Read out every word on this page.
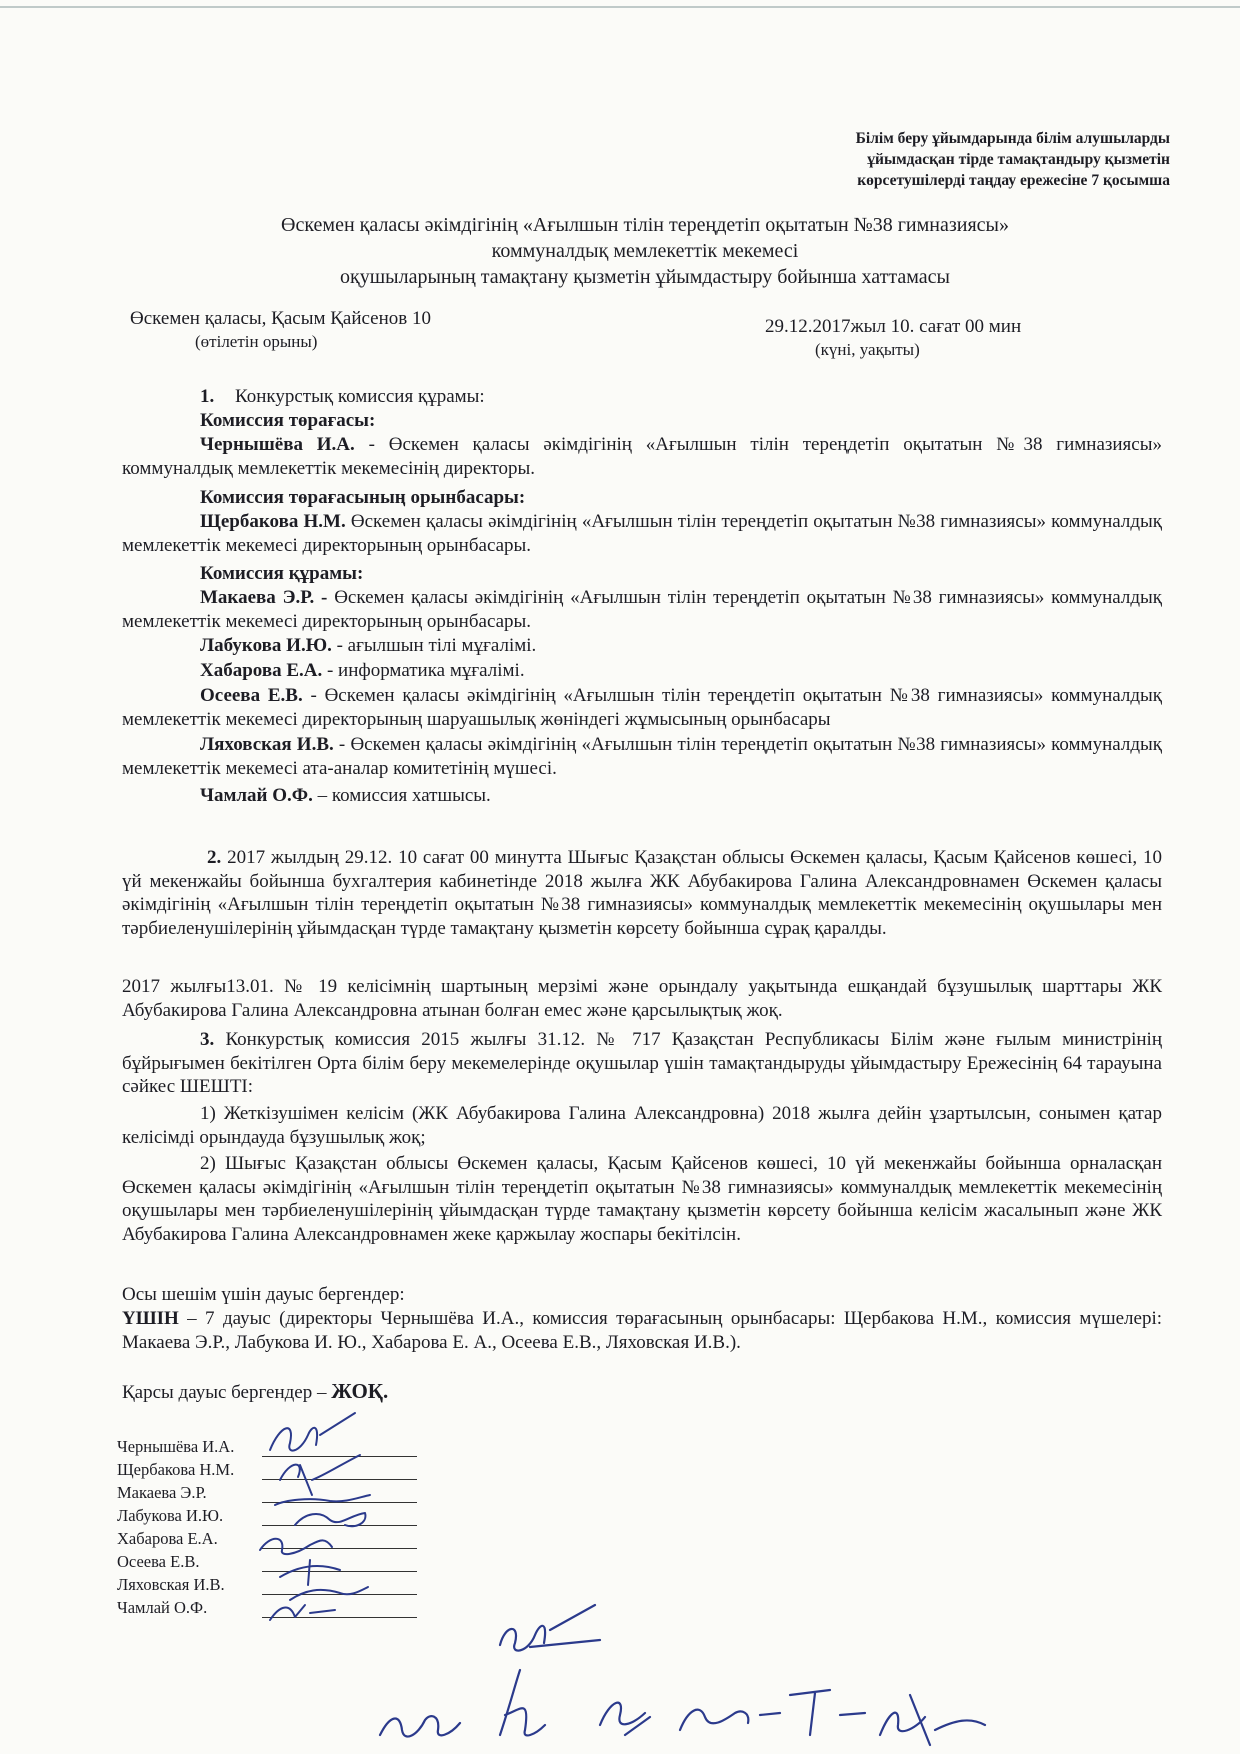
Білім беру ұйымдарында білім алушыларды
ұйымдасқан тірде тамақтандыру қызметін
көрсетушілерді таңдау ережесіне 7 қосымша
Өскемен қаласы әкімдігінің «Ағылшын тілін тереңдетіп оқытатын №38 гимназиясы»
коммуналдық мемлекеттік мекемесі
оқушыларының тамақтану қызметін ұйымдастыру бойынша хаттамасы
Өскемен қаласы, Қасым Қайсенов 10
(өтілетін орыны)
29.12.2017жыл 10. сағат 00 мин
(күні, уақыты)
1. Конкурстық комиссия құрамы:
Комиссия төрағасы:
Чернышёва И.А. - Өскемен қаласы әкімдігінің «Ағылшын тілін тереңдетіп оқытатын №38 гимназиясы» коммуналдық мемлекеттік мекемесінің директоры.
Комиссия төрағасының орынбасары:
Щербакова Н.М. Өскемен қаласы әкімдігінің «Ағылшын тілін тереңдетіп оқытатын №38 гимназиясы» коммуналдық мемлекеттік мекемесі директорының орынбасары.
Комиссия құрамы:
Макаева Э.Р. - Өскемен қаласы әкімдігінің «Ағылшын тілін тереңдетіп оқытатын №38 гимназиясы» коммуналдық мемлекеттік мекемесі директорының орынбасары.
Лабукова И.Ю. - ағылшын тілі мұғалімі.
Хабарова Е.А. - информатика мұғалімі.
Осеева Е.В. - Өскемен қаласы әкімдігінің «Ағылшын тілін тереңдетіп оқытатын №38 гимназиясы» коммуналдық мемлекеттік мекемесі директорының шаруашылық жөніндегі жұмысының орынбасары
Ляховская И.В. - Өскемен қаласы әкімдігінің «Ағылшын тілін тереңдетіп оқытатын №38 гимназиясы» коммуналдық мемлекеттік мекемесі ата-аналар комитетінің мүшесі.
Чамлай О.Ф. – комиссия хатшысы.
2. 2017 жылдың 29.12. 10 сағат 00 минутта Шығыс Қазақстан облысы Өскемен қаласы, Қасым Қайсенов көшесі, 10 үй мекенжайы бойынша бухгалтерия кабинетінде 2018 жылға ЖК Абубакирова Галина Александровнамен Өскемен қаласы әкімдігінің «Ағылшын тілін тереңдетіп оқытатын №38 гимназиясы» коммуналдық мемлекеттік мекемесінің оқушылары мен тәрбиеленушілерінің ұйымдасқан түрде тамақтану қызметін көрсету бойынша сұрақ қаралды.
2017 жылғы13.01. № 19 келісімнің шартының мерзімі және орындалу уақытында ешқандай бұзушылық шарттары ЖК Абубакирова Галина Александровна атынан болған емес және қарсылықтық жоқ.
3. Конкурстық комиссия 2015 жылғы 31.12. № 717 Қазақстан Республикасы Білім және ғылым министрінің бұйрығымен бекітілген Орта білім беру мекемелерінде оқушылар үшін тамақтандыруды ұйымдастыру Ережесінің 64 тарауына сәйкес ШЕШТІ:
1) Жеткізушімен келісім (ЖК Абубакирова Галина Александровна) 2018 жылға дейін ұзартылсын, сонымен қатар келісімді орындауда бұзушылық жоқ;
2) Шығыс Қазақстан облысы Өскемен қаласы, Қасым Қайсенов көшесі, 10 үй мекенжайы бойынша орналасқан Өскемен қаласы әкімдігінің «Ағылшын тілін тереңдетіп оқытатын №38 гимназиясы» коммуналдық мемлекеттік мекемесінің оқушылары мен тәрбиеленушілерінің ұйымдасқан түрде тамақтану қызметін көрсету бойынша келісім жасалынып және ЖК Абубакирова Галина Александровнамен жеке қаржылау жоспары бекітілсін.
Осы шешім үшін дауыс бергендер:
ҮШІН – 7 дауыс (директоры Чернышёва И.А., комиссия төрағасының орынбасары: Щербакова Н.М., комиссия мүшелері: Макаева Э.Р., Лабукова И. Ю., Хабарова Е. А., Осеева Е.В., Ляховская И.В.).
Қарсы дауыс бергендер – ЖОҚ.
Чернышёва И.А.
Щербакова Н.М.
Макаева Э.Р.
Лабукова И.Ю.
Хабарова Е.А.
Осеева Е.В.
Ляховская И.В.
Чамлай О.Ф.
